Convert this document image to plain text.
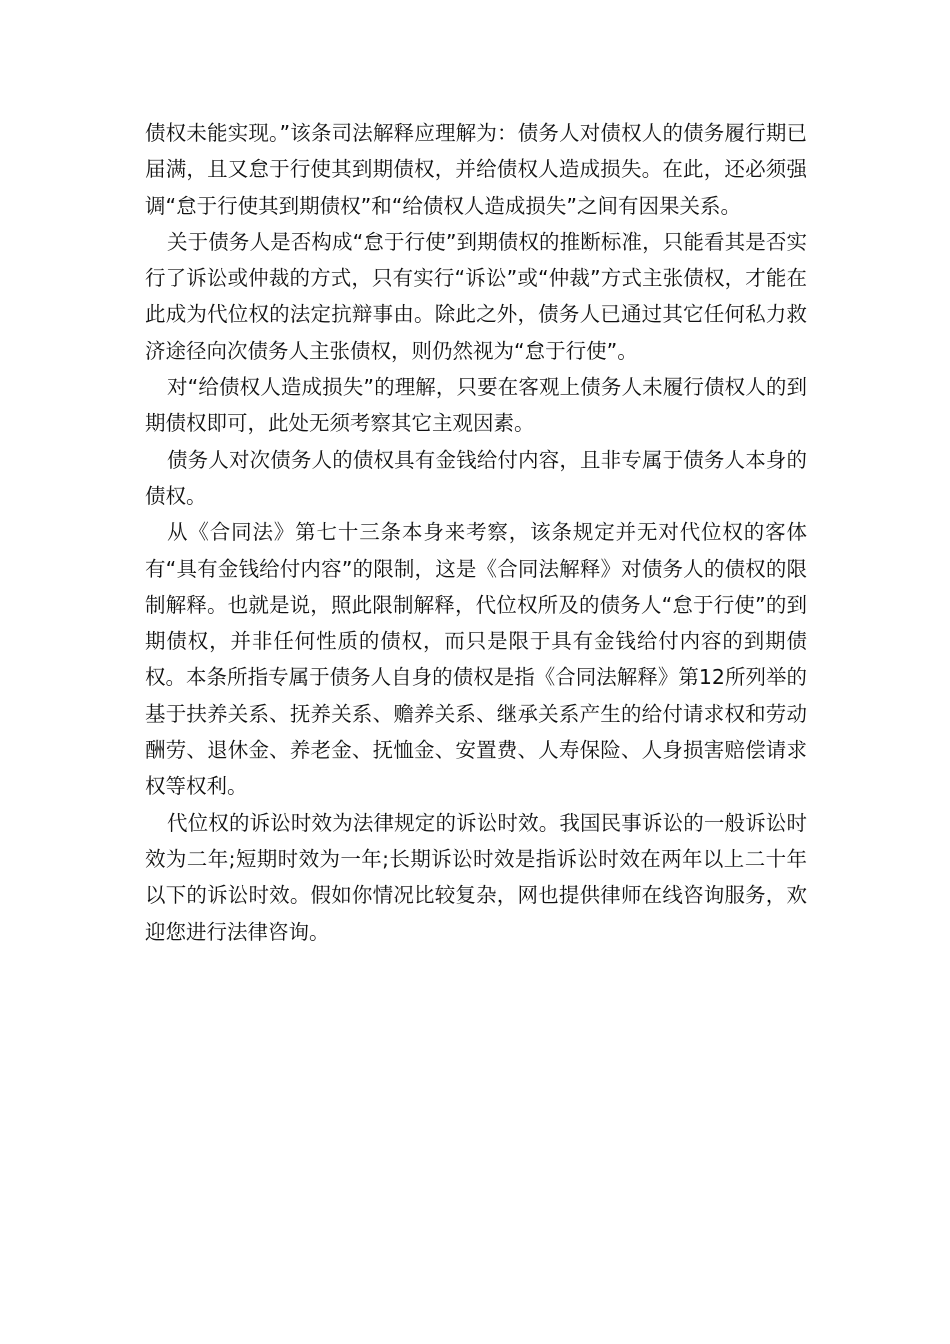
债权未能实现。”该条司法解释应理解为：债务人对债权人的债务履行期已届满，且又怠于行使其到期债权，并给债权人造成损失。在此，还必须强调“怠于行使其到期债权”和“给债权人造成损失”之间有因果关系。

关于债务人是否构成“怠于行使”到期债权的推断标准，只能看其是否实行了诉讼或仲裁的方式，只有实行“诉讼”或“仲裁”方式主张债权，才能在此成为代位权的法定抗辩事由。除此之外，债务人已通过其它任何私力救济途径向次债务人主张债权，则仍然视为“怠于行使”。

对“给债权人造成损失”的理解，只要在客观上债务人未履行债权人的到期债权即可，此处无须考察其它主观因素。

债务人对次债务人的债权具有金钱给付内容，且非专属于债务人本身的债权。

从《合同法》第七十三条本身来考察，该条规定并无对代位权的客体有“具有金钱给付内容”的限制，这是《合同法解释》对债务人的债权的限制解释。也就是说，照此限制解释，代位权所及的债务人“怠于行使”的到期债权，并非任何性质的债权，而只是限于具有金钱给付内容的到期债权。本条所指专属于债务人自身的债权是指《合同法解释》第12所列举的基于扶养关系、抚养关系、赡养关系、继承关系产生的给付请求权和劳动酬劳、退休金、养老金、抚恤金、安置费、人寿保险、人身损害赔偿请求权等权利。

代位权的诉讼时效为法律规定的诉讼时效。我国民事诉讼的一般诉讼时效为二年;短期时效为一年;长期诉讼时效是指诉讼时效在两年以上二十年以下的诉讼时效。假如你情况比较复杂，网也提供律师在线咨询服务，欢迎您进行法律咨询。
